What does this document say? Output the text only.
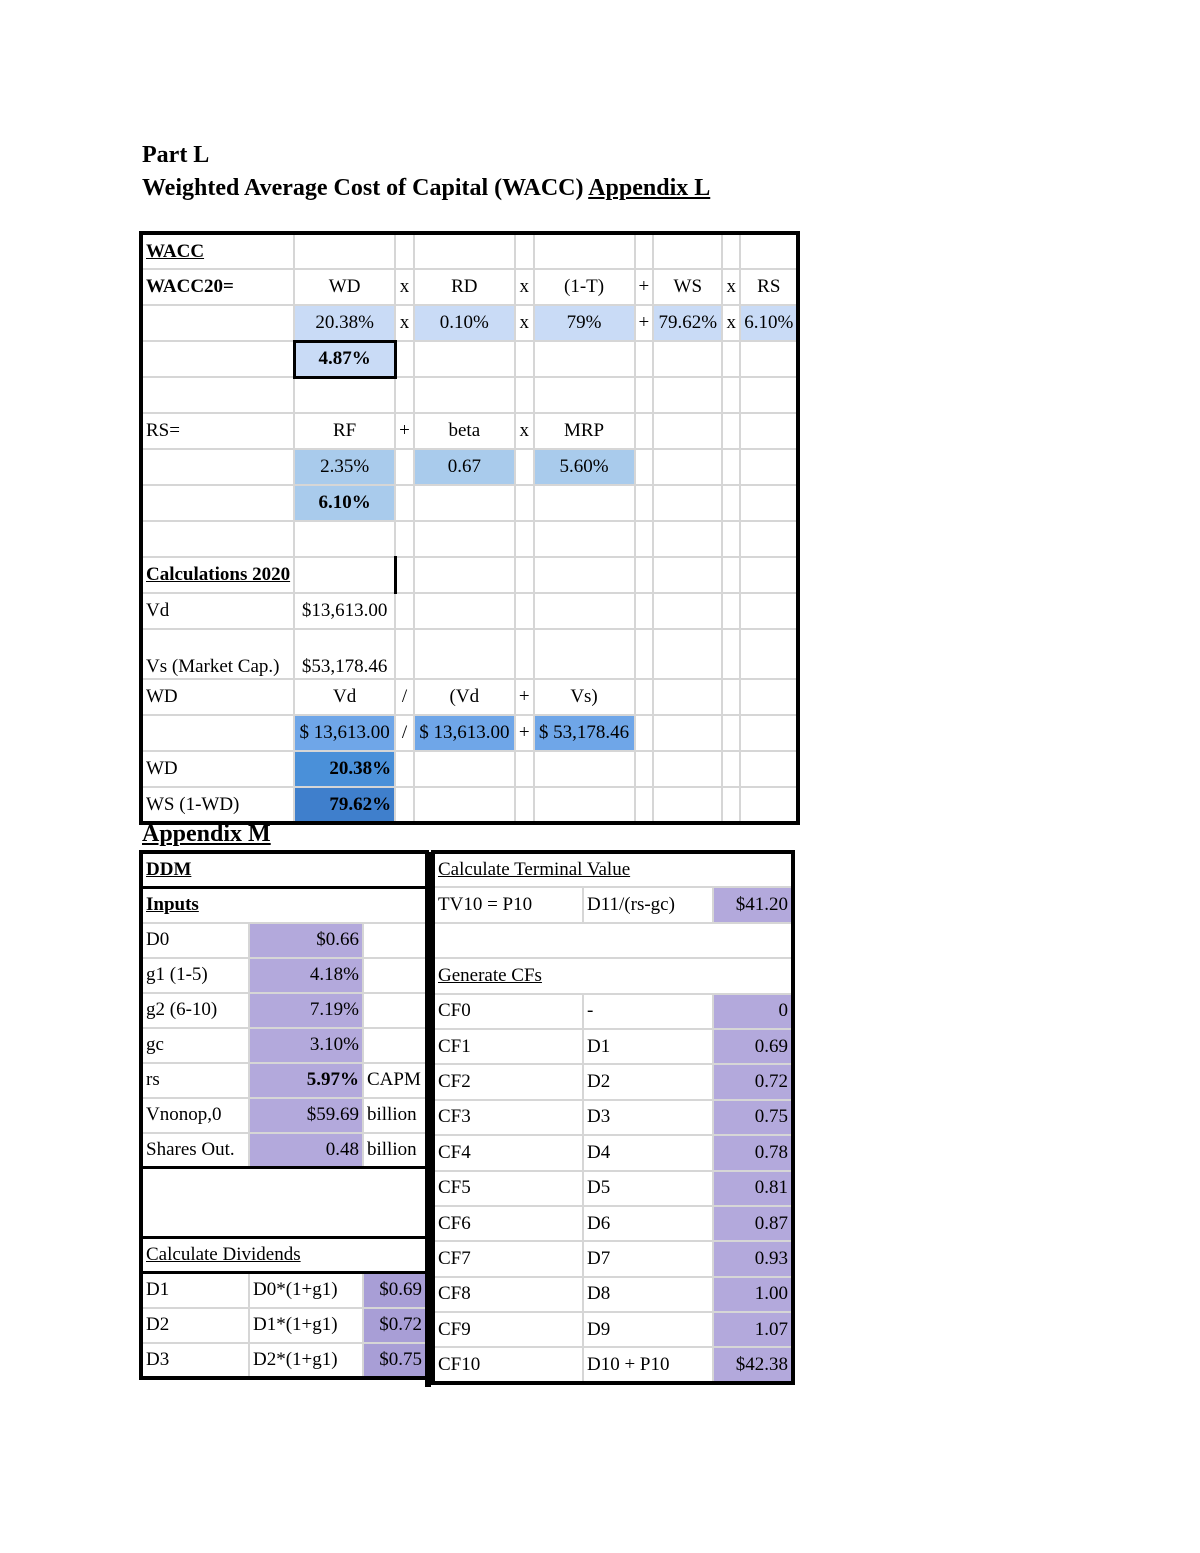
Part L
Weighted Average Cost of Capital (WACC) Appendix L
WACC									
WACC20=	WD	x	RD	x	(1-T)	+	WS	x	RS
	20.38%	x	0.10%	x	79%	+	79.62%	x	6.10%
	4.87%								

RS=	RF	+	beta	x	MRP				
	2.35%		0.67		5.60%				
	6.10%								

Calculations 2020									
Vd	$13,613.00								
Vs (Market Cap.)	$53,178.46								
WD	Vd	/	(Vd	+	Vs)				
	$ 13,613.00	/	$ 13,613.00	+	$ 53,178.46				
WD	20.38%								
WS (1-WD)	79.62%								
Appendix M
DDM		
Inputs		
D0	$0.66	
g1 (1-5)	4.18%	
g2 (6-10)	7.19%	
gc	3.10%	
rs	5.97%	CAPM
Vnonop,0	$59.69	billion
Shares Out.	0.48	billion

Calculate Dividends		
D1	D0*(1+g1)	$0.69
D2	D1*(1+g1)	$0.72
D3	D2*(1+g1)	$0.75
Calculate Terminal Value		
TV10 = P10	D11/(rs-gc)	$41.20

Generate CFs		
CF0	-	0
CF1	D1	0.69
CF2	D2	0.72
CF3	D3	0.75
CF4	D4	0.78
CF5	D5	0.81
CF6	D6	0.87
CF7	D7	0.93
CF8	D8	1.00
CF9	D9	1.07
CF10	D10 + P10	$42.38
